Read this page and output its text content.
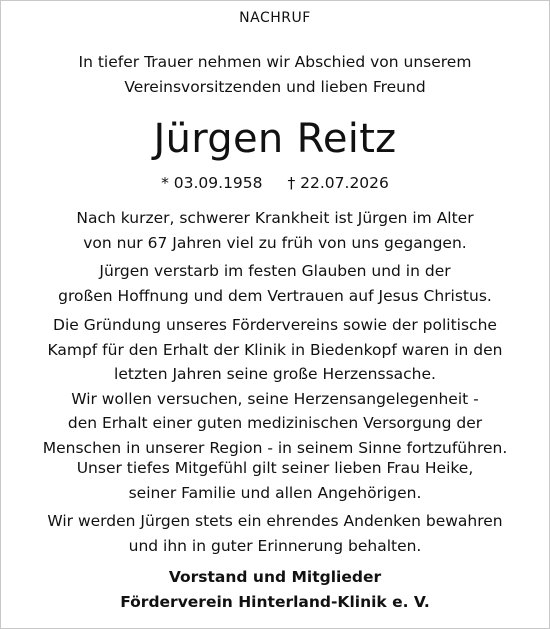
NACHRUF
In tiefer Trauer nehmen wir Abschied von unserem
Vereinsvorsitzenden und lieben Freund
Jürgen Reitz
* 03.09.1958 † 22.07.2026
Nach kurzer, schwerer Krankheit ist Jürgen im Alter
von nur 67 Jahren viel zu früh von uns gegangen.
Jürgen verstarb im festen Glauben und in der
großen Hoffnung und dem Vertrauen auf Jesus Christus.
Die Gründung unseres Fördervereins sowie der politische
Kampf für den Erhalt der Klinik in Biedenkopf waren in den
letzten Jahren seine große Herzenssache.
Wir wollen versuchen, seine Herzensangelegenheit -
den Erhalt einer guten medizinischen Versorgung der
Menschen in unserer Region - in seinem Sinne fortzuführen.
Unser tiefes Mitgefühl gilt seiner lieben Frau Heike,
seiner Familie und allen Angehörigen.
Wir werden Jürgen stets ein ehrendes Andenken bewahren
und ihn in guter Erinnerung behalten.
Vorstand und Mitglieder
Förderverein Hinterland-Klinik e. V.
